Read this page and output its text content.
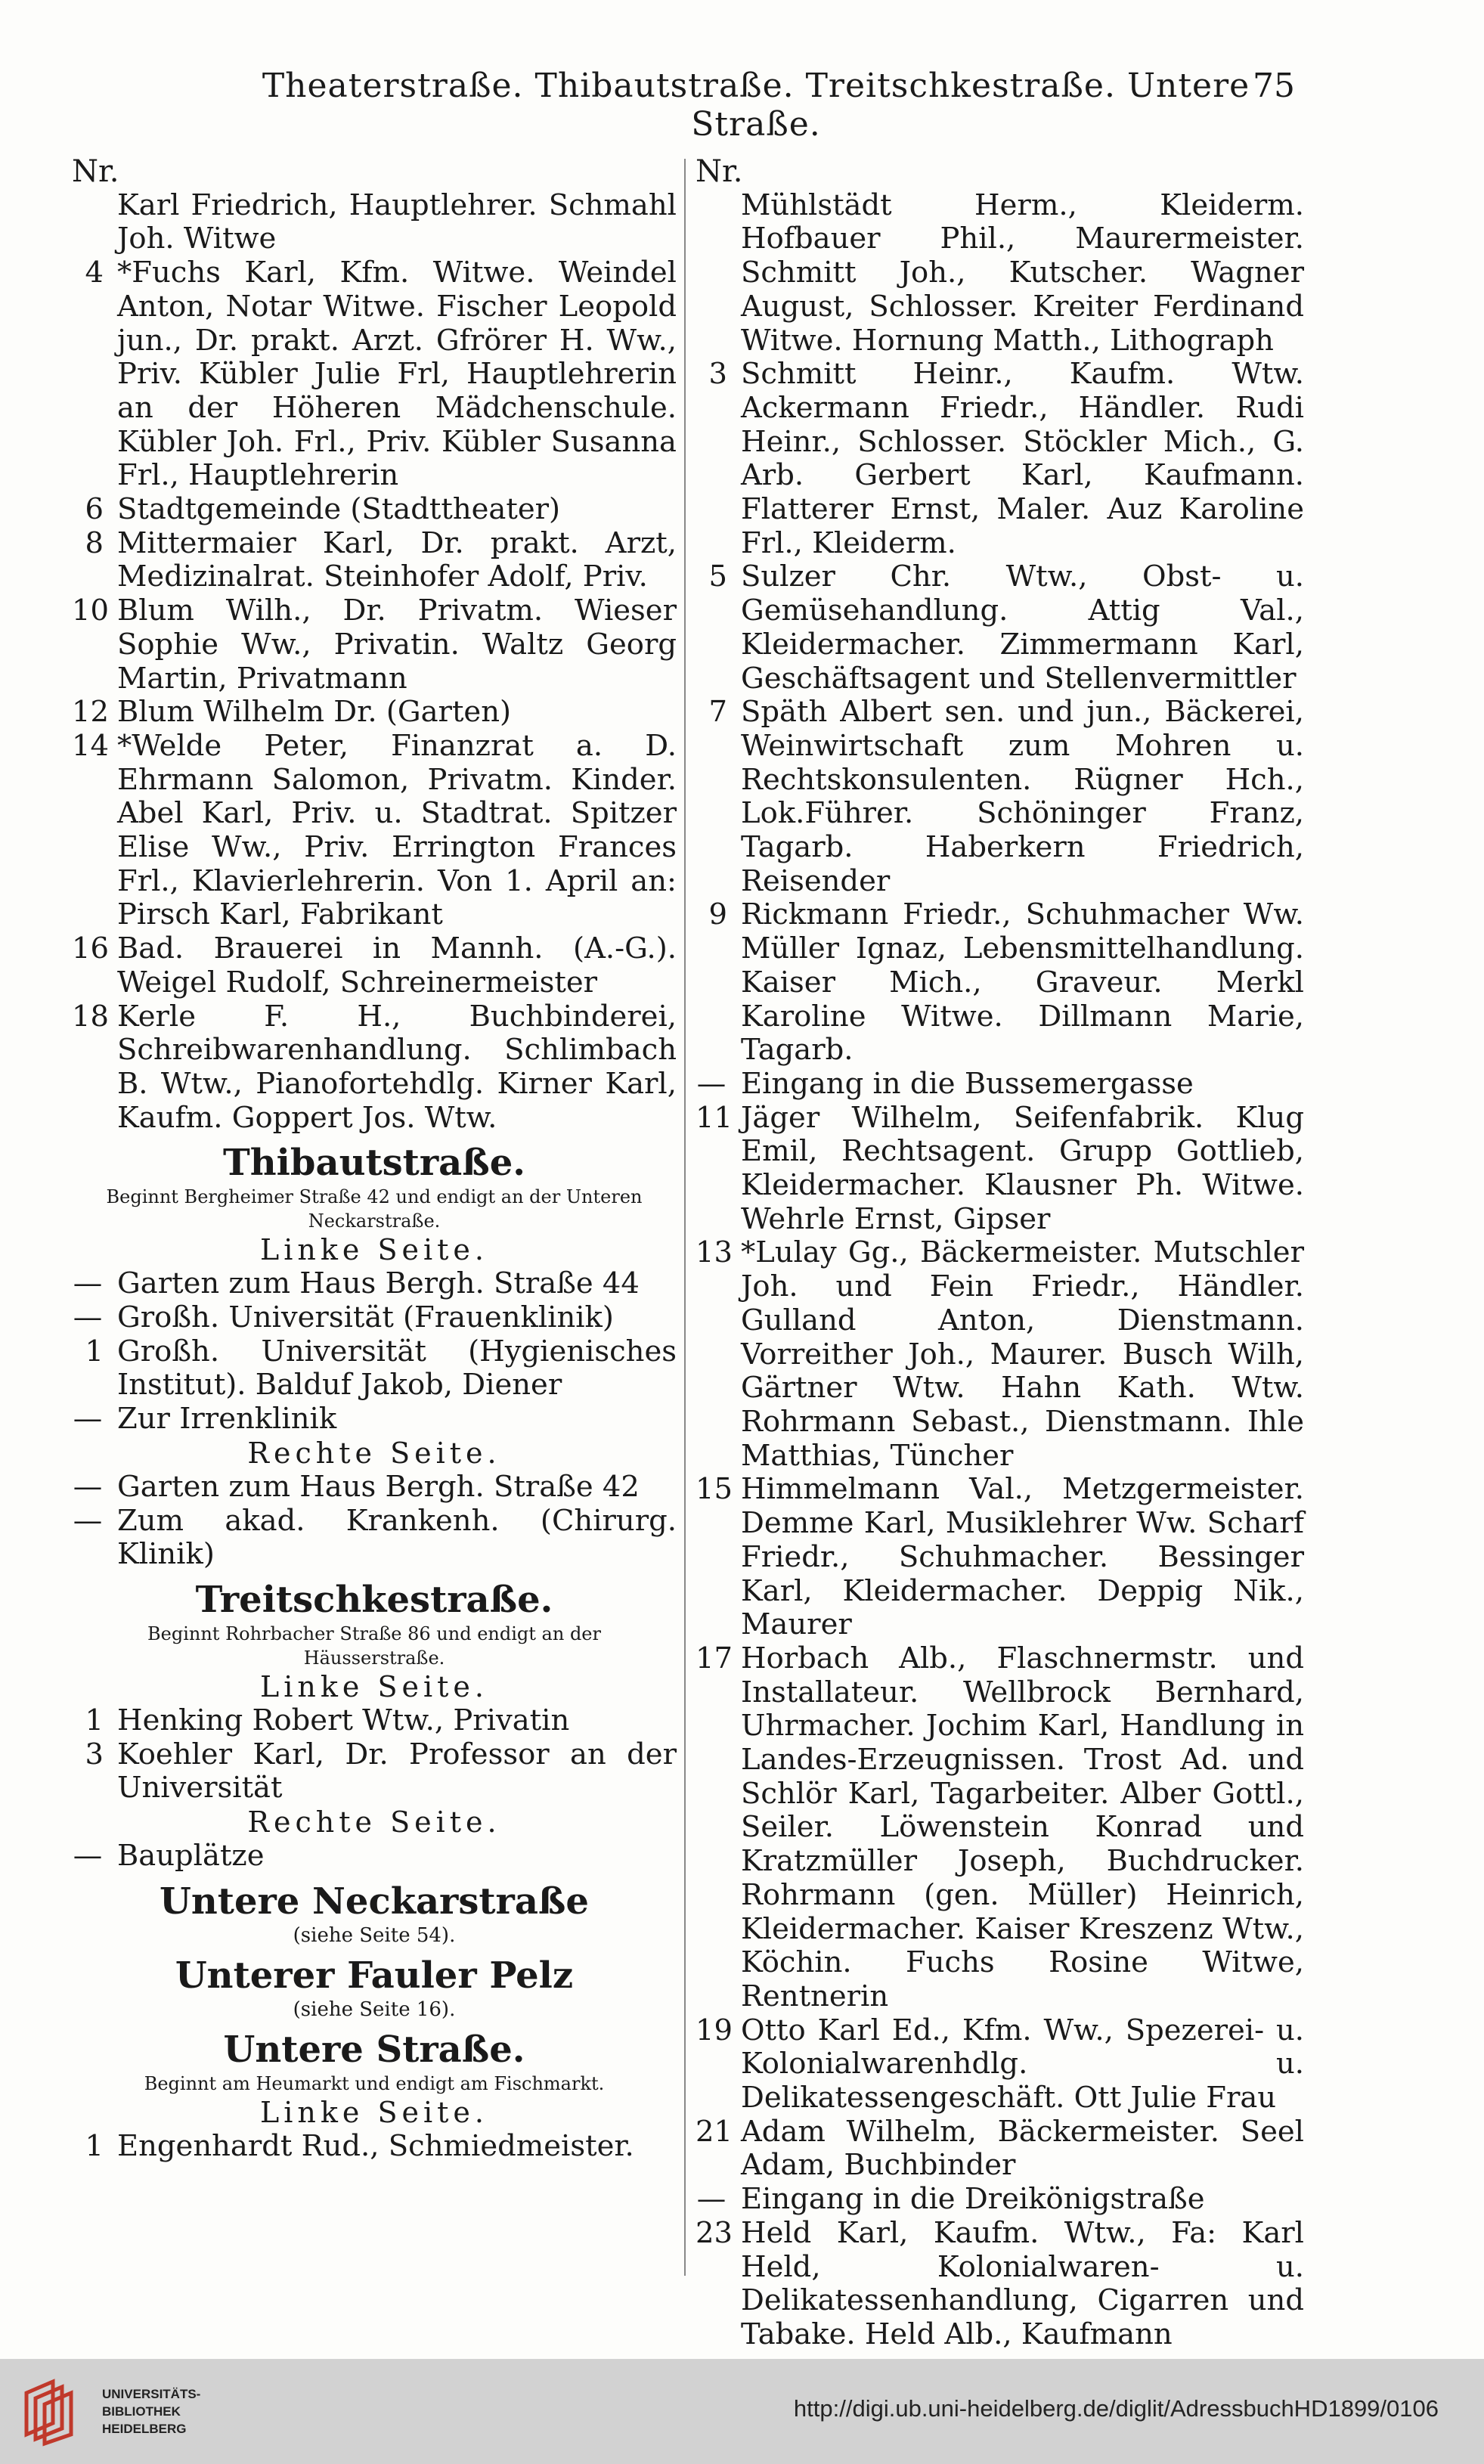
Theaterstraße. Thibautstraße. Treitschkestraße. Untere Straße.
75
Nr.
Karl Friedrich, Hauptlehrer. Schmahl Joh. Witwe
4 *Fuchs Karl, Kfm. Witwe. Weindel Anton, Notar Witwe. Fischer Leopold jun., Dr. prakt. Arzt. Gfrörer H. Ww., Priv. Kübler Julie Frl, Hauptlehrerin an der Höheren Mädchenschule. Kübler Joh. Frl., Priv. Kübler Susanna Frl., Hauptlehrerin
6 Stadtgemeinde (Stadttheater)
8 Mittermaier Karl, Dr. prakt. Arzt, Medizinalrat. Steinhofer Adolf, Priv.
10 Blum Wilh., Dr. Privatm. Wieser Sophie Ww., Privatin. Waltz Georg Martin, Privatmann
12 Blum Wilhelm Dr. (Garten)
14 *Welde Peter, Finanzrat a. D. Ehrmann Salomon, Privatm. Kinder. Abel Karl, Priv. u. Stadtrat. Spitzer Elise Ww., Priv. Errington Frances Frl., Klavierlehrerin. Von 1. April an: Pirsch Karl, Fabrikant
16 Bad. Brauerei in Mannh. (A.-G.). Weigel Rudolf, Schreinermeister
18 Kerle F. H., Buchbinderei, Schreibwarenhandlung. Schlimbach B. Wtw., Pianofortehdlg. Kirner Karl, Kaufm. Goppert Jos. Wtw.
Thibautstraße.
Beginnt Bergheimer Straße 42 und endigt an der Unteren Neckarstraße.
Linke Seite.
— Garten zum Haus Bergh. Straße 44
— Großh. Universität (Frauenklinik)
1 Großh. Universität (Hygienisches Institut). Balduf Jakob, Diener
— Zur Irrenklinik
Rechte Seite.
— Garten zum Haus Bergh. Straße 42
— Zum akad. Krankenh. (Chirurg. Klinik)
Treitschkestraße.
Beginnt Rohrbacher Straße 86 und endigt an der Häusserstraße.
Linke Seite.
1 Henking Robert Wtw., Privatin
3 Koehler Karl, Dr. Professor an der Universität
Rechte Seite.
— Bauplätze
Untere Neckarstraße
(siehe Seite 54).
Unterer Fauler Pelz
(siehe Seite 16).
Untere Straße.
Beginnt am Heumarkt und endigt am Fischmarkt.
Linke Seite.
1 Engenhardt Rud., Schmiedmeister.
Nr.
Mühlstädt Herm., Kleiderm. Hofbauer Phil., Maurermeister. Schmitt Joh., Kutscher. Wagner August, Schlosser. Kreiter Ferdinand Witwe. Hornung Matth., Lithograph
3 Schmitt Heinr., Kaufm. Wtw. Ackermann Friedr., Händler. Rudi Heinr., Schlosser. Stöckler Mich., G. Arb. Gerbert Karl, Kaufmann. Flatterer Ernst, Maler. Auz Karoline Frl., Kleiderm.
5 Sulzer Chr. Wtw., Obst- u. Gemüsehandlung. Attig Val., Kleidermacher. Zimmermann Karl, Geschäftsagent und Stellenvermittler
7 Späth Albert sen. und jun., Bäckerei, Weinwirtschaft zum Mohren u. Rechtskonsulenten. Rügner Hch., Lok.Führer. Schöninger Franz, Tagarb. Haberkern Friedrich, Reisender
9 Rickmann Friedr., Schuhmacher Ww. Müller Ignaz, Lebensmittelhandlung. Kaiser Mich., Graveur. Merkl Karoline Witwe. Dillmann Marie, Tagarb.
— Eingang in die Bussemergasse
11 Jäger Wilhelm, Seifenfabrik. Klug Emil, Rechtsagent. Grupp Gottlieb, Kleidermacher. Klausner Ph. Witwe. Wehrle Ernst, Gipser
13 *Lulay Gg., Bäckermeister. Mutschler Joh. und Fein Friedr., Händler. Gulland Anton, Dienstmann. Vorreither Joh., Maurer. Busch Wilh, Gärtner Wtw. Hahn Kath. Wtw. Rohrmann Sebast., Dienstmann. Ihle Matthias, Tüncher
15 Himmelmann Val., Metzgermeister. Demme Karl, Musiklehrer Ww. Scharf Friedr., Schuhmacher. Bessinger Karl, Kleidermacher. Deppig Nik., Maurer
17 Horbach Alb., Flaschnermstr. und Installateur. Wellbrock Bernhard, Uhrmacher. Jochim Karl, Handlung in Landes-Erzeugnissen. Trost Ad. und Schlör Karl, Tagarbeiter. Alber Gottl., Seiler. Löwenstein Konrad und Kratzmüller Joseph, Buchdrucker. Rohrmann (gen. Müller) Heinrich, Kleidermacher. Kaiser Kreszenz Wtw., Köchin. Fuchs Rosine Witwe, Rentnerin
19 Otto Karl Ed., Kfm. Ww., Spezerei- u. Kolonialwarenhdlg. u. Delikatessengeschäft. Ott Julie Frau
21 Adam Wilhelm, Bäckermeister. Seel Adam, Buchbinder
— Eingang in die Dreikönigstraße
23 Held Karl, Kaufm. Wtw., Fa: Karl Held, Kolonialwaren- u. Delikatessenhandlung, Cigarren und Tabake. Held Alb., Kaufmann
UNIVERSITÄTS-
BIBLIOTHEK
HEIDELBERG
http://digi.ub.uni-heidelberg.de/diglit/AdressbuchHD1899/0106
